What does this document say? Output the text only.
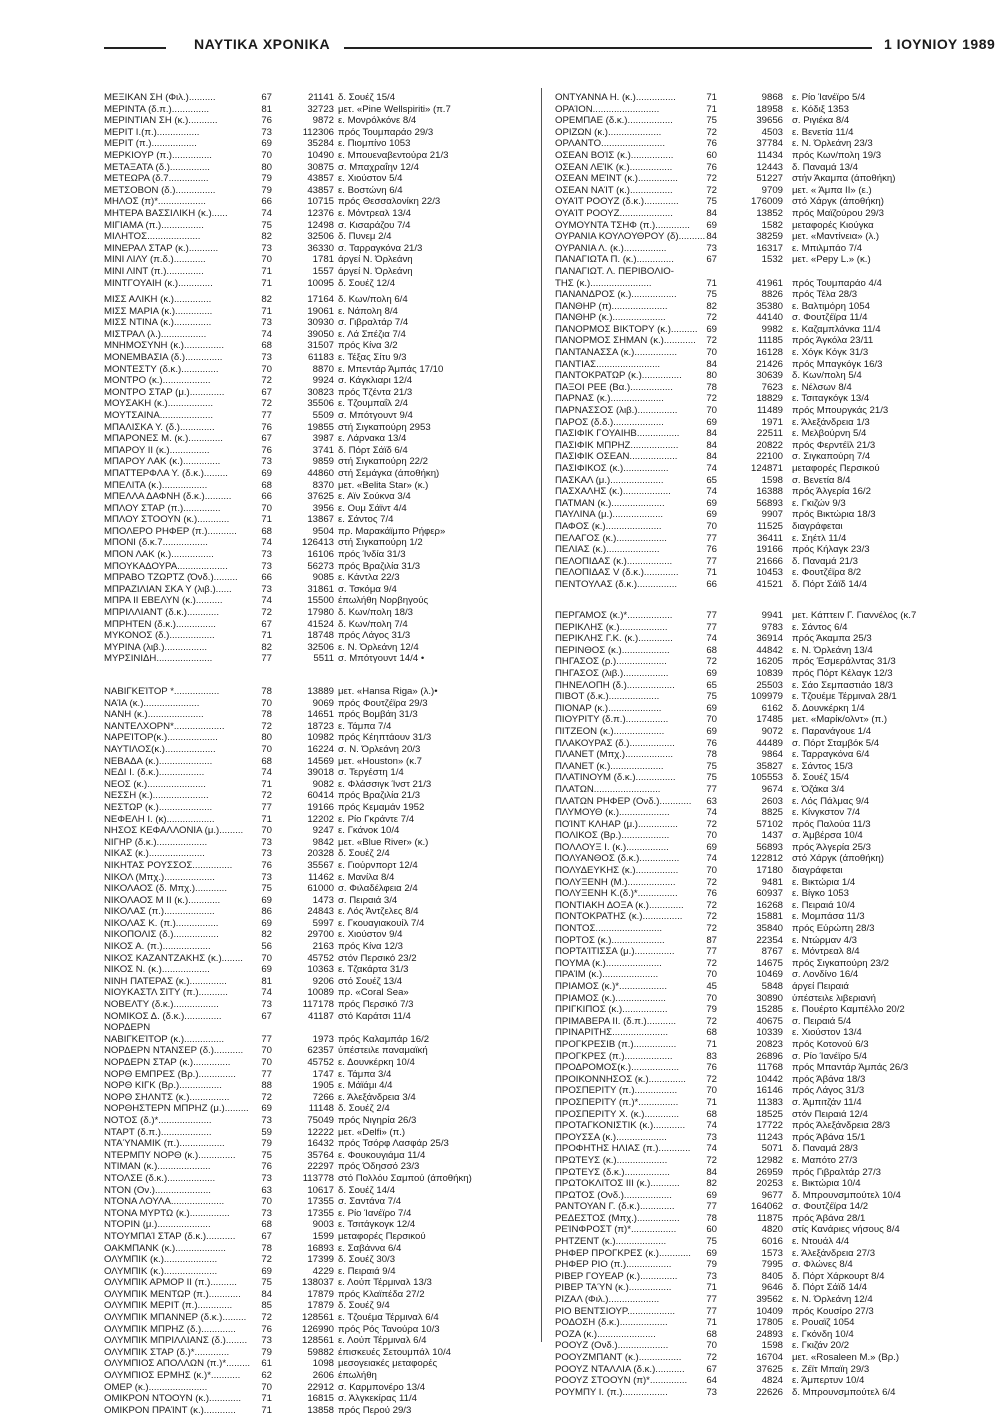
ΝΑΥΤΙΚΑ ΧΡΟΝΙΚΑ	1 ΙΟΥΝΙΟΥ 1989
ΜΕΞΙΚΑΝ ΣΗ (Φιλ.)..........	67	21141 δ. Σουέζ 15/4
ΜΕΡΙΝΤΑ (δ.π.)..............	81	32723 μετ. «Pine Wellspiriti» (π.7
ΜΕΡΙΝΤΙΑΝ ΣΗ (κ.)...........	76	9872 ε. Μονρόλκόνε 8/4
ΜΕΡΙΤ Ι.(π.)................	73	112306 πρός Τουμπαράο 29/3
ΜΕΡΙΤ (π.).................	69	35284 ε. Πιομπίνο 1053
ΜΕΡΚΙΟΥΡ (π.)...............	70	10490 ε. Μπουεναβεντούρα 21/3
ΜΕΤΑΞΑΤΑ (δ.)...............	80	30875 σ. Μπαχραΐην 12/4
ΜΕΤΕΩΡΑ (δ.7...............	79	43857 ε. Χιούστον 5/4
ΜΕΤΣΟΒΟΝ (δ.)...............	79	43857 ε. Βοστώνη 6/4
ΜΗΛΟΣ (π)*..................	66	10715 πρός Θεσσαλονίκη 22/3
ΜΗΤΕΡΑ ΒΑΣΣΙΛΙΚΗ (κ.)......	74	12376 ε. Μόντρεαλ 13/4
ΜΙΓΙΑΜΑ (π.)................	75	12498 σ. Κισαράζου 7/4
ΜΙΛΗΤΟΣ....................	82	32506 δ. Πυνεμ 2/4
ΜΙΝΕΡΑΛ ΣΤΑΡ (κ.)...........	73	36330 σ. Ταρραγκόνα 21/3
ΜΙΝΙ ΛΙΛΥ (π.δ.)............	70	1781 άργεί Ν. Όρλεάνη
ΜΙΝΙ ΛΙΝΤ (π.)..............	71	1557 άργεί Ν. Όρλεάνη
ΜΙΝΤΓΟΥΑΙΗ (κ.).............	71	10095 δ. Σουέζ 12/4
ΜΙΣΣ ΑΛΙΚΗ (κ.)..............	82	17164 δ. Κων/πολη 6/4
ΜΙΣΣ ΜΑΡΙΑ (κ.)..............	71	19061 ε. Νάπολη 8/4
ΜΙΣΣ ΝΤΙΝΑ (κ.)..............	73	30930 σ. Γιβραλτάρ 7/4
ΜΙΣΤΡΑΛ (λ.).................	74	39050 ε. Λά Σπέζια 7/4
ΜΝΗΜΟΣΥΝΗ (κ.)...............	68	31507 πρός Κίνα 3/2
ΜΟΝΕΜΒΑΣΙΑ (δ.)..............	73	61183 ε. Τέξας Σίτυ 9/3
ΜΟΝΤΕΣΤΥ (δ.κ.)..............	70	8870 ε. Μπεντάρ Άμπάς 17/10
ΜΟΝΤΡΟ (κ.)..................	72	9924 σ. Κάγκλιαρι 12/4
ΜΟΝΤΡΟ ΣΤΑΡ (μ.).............	67	30823 πρός Τζέντα 21/3
ΜΟΥΣΑΚΗ (κ.).................	72	35506 ε. Τζουμπαΐλ 2/4
ΜΟΥΤΣΑΙΝΑ....................	77	5509 σ. Μπότγουντ 9/4
ΜΠΑΛΙΣΚΑ Υ. (δ.).............	76	19855 στή Σιγκαπούρη 2953
ΜΠΑΡΟΝΕΣ Μ. (κ.).............	67	3987 ε. Λάρνακα 13/4
ΜΠΑΡΟΥ ΙΙ (κ.)...............	76	3741 δ. Πόρτ Σάϊδ 6/4
ΜΠΑΡΟΥ ΛΑΚ (κ.)..............	73	9859 στή Σιγκαπούρη 22/2
ΜΠΑΤΤΕΡΦΛΑ Υ. (δ.κ.).........	69	44860 στή Σεμάγκα (άποθήκη)
ΜΠΕΛΙΤΑ (κ.).................	68	8370 μετ. «Belita Star» (κ.)
ΜΠΕΛΛΑ ΔΑΦΝΗ (δ.κ.)..........	66	37625 ε. Αϊν Σούκνα 3/4
ΜΠΛΟΥ ΣΤΑΡ (π.)..............	70	3956 ε. Ουμ Σάϊντ 4/4
ΜΠΛΟΥ ΣΤΟΟΥΝ (κ.)............	71	13867 ε. Σάντος 7/4
ΜΠΟΛΕΡΟ ΡΗΦΕΡ (π.)...........	68	9504 πρ. Μαρακάϊμπο Ρήφερ»
ΜΠΟΝΙ (δ.κ.7.................	74	126413 στή Σιγκαπούρη 1/2
ΜΠΟΝ ΛΑΚ (κ.)................	73	16106 πρός Ίνδία 31/3
ΜΠΟΥΚΑΔΟΥΡΑ...................	73	56273 πρός Βραζιλία 31/3
ΜΠΡΑΒΟ ΤΖΩΡΤΖ (Όνδ.).........	66	9085 ε. Κάντλα 22/3
ΜΠΡΑΖΙΛΙΑΝ ΣΚΑ Υ (λιβ.)......	73	31861 σ. Τσκόμα 9/4
ΜΠΡΑ ΙΙ ΕΒΕΛΥΝ (κ.)..........	74	15500 έπωλήθη Νορβηγούς
ΜΠΡΙΛΛΙΑΝΤ (δ.κ.)............	72	17980 δ. Κων/πολη 18/3
ΜΠΡΗΤΕΝ (δ.κ.)...............	67	41524 δ. Κων/πολη 7/4
ΜΥΚΟΝΟΣ (δ.).................	71	18748 πρός Λάγος 31/3
ΜΥΡΙΝΑ (λιβ.)................	82	32506 ε. Ν. Όρλεάνη 12/4
ΜΥΡΣΙΝΙΔΗ.....................	77	5511 σ. Μπότγουντ 14/4 •
ΝΑΒΙΓΚΕΊΤΟΡ *.................	78	13889 μετ. «Hansa Riga» (λ.)•
ΝΑΊΑ (κ.).....................	70	9069 πρός Φουτζέϊρα 29/3
ΝΑΝΗ (κ.).....................	78	14651 πρός Βομβάη 31/3
ΝΑΝΤΕΛΧΟΡΝ*...................	72	18723 ε. Τάμπα 7/4
ΝΑΡΕΊΤΟΡ(κ.)...................	80	10982 πρός Κέηπτάουν 31/3
ΝΑΥΤΙΛΟΣ(κ.)...................	70	16224 σ. Ν. Όρλεάνη 20/3
ΝΕΒΑΔΑ (κ.)....................	68	14569 μετ. «Houston» (κ.7
ΝΕΔΙ Ι. (δ.κ.).................	74	39018 σ. Τεργέστη 1/4
ΝΕΟΣ (κ.)......................	71	9082 ε. Φλάσσιγκ Ίνστ 21/3
ΝΕΣΣΗ (κ.).....................	72	60414 πρός Βραζιλία 21/3
ΝΕΣΤΩΡ (κ.)....................	77	19166 πρός Κεμαμάν 1952
ΝΕΦΕΛΗ Ι. (κ)..................	71	12202 ε. Ρίο Γκράντε 7/4
ΝΗΣΟΣ ΚΕΦΑΛΛΟΝΙΑ (μ.).........	70	9247 ε. Γκάνοκ 10/4
ΝΙΓΗΡ (δ.κ.)...................	73	9842 μετ. «Blue River» (κ.)
ΝΙΚΑΣ (κ.).....................	73	20328 δ. Σουέζ 2/4
ΝΙΚΗΤΑΣ ΡΟΥΣΣΟΣ...............	76	35567 ε. Γιούρνπορτ 12/4
ΝΙΚΟΛ (Μπχ.)...................	73	11462 ε. Μανίλα 8/4
ΝΙΚΟΛΑΟΣ (δ. Μπχ.)............	75	61000 σ. Φιλαδέλφεια 2/4
ΝΙΚΟΛΑΟΣ Μ ΙΙ (κ.)............	69	1473 σ. Πειραιά 3/4
ΝΙΚΟΛΑΣ (π.)...................	86	24843 ε. Λός Άντζελες 8/4
ΝΙΚΟΛΑΣ Κ. (π.)................	69	5997 ε. Γκουαγιακουίλ 7/4
ΝΙΚΟΠΟΛΙΣ (δ.).................	82	29700 ε. Χιούστον 9/4
ΝΙΚΟΣ Α. (π.)..................	56	2163 πρός Κίνα 12/3
ΝΙΚΟΣ ΚΑΖΑΝΤΖΑΚΗΣ (κ.)........	70	45752 στόν Περσικό 23/2
ΝΙΚΟΣ Ν. (κ.)..................	69	10363 ε. Τζακάρτα 31/3
ΝΙΝΗ ΠΑΤΕΡΑΣ (κ.)..............	81	9206 στό Σουέζ 13/4
ΝΙΟΥΚΑΣΤΛ ΣΙΤΥ (π.)...........	74	10089 πρ. «Coral Sea»
ΝΟΒΕΛΤΥ (δ.κ.).................	73	117178 πρός Περσικό 7/3
ΝΟΜΙΚΟΣ Δ. (δ.κ.)..............	67	41187 στό Καράτσι 11/4
ΝΟΡΔΕΡΝ
ΝΑΒΙΓΚΕΊΤΟΡ (κ.)...............	77	1973 πρός Καλαμπάρ 16/2
ΝΟΡΔΕΡΝ ΝΤΑΝΣΕΡ (δ.)...........	70	62357 ύπέστειλε παναμαϊκή
ΝΟΡΔΕΡΝ ΣΤΑΡ (κ.)..............	70	45752 ε. Δουνκέρκη 10/4
ΝΟΡΘ ΕΜΠΡΕΣ (Βρ.)..............	77	1747 ε. Τάμπα 3/4
ΝΟΡΘ ΚΙΓΚ (Βρ.)................	88	1905 ε. Μάϊάμι 4/4
ΝΟΡΘ ΣΗΛΝΤΣ (κ.)...............	72	7266 ε. Άλεξάνδρεια 3/4
ΝΟΡΘΗΣΤΕΡΝ ΜΠΡΗΖ (μ.).........	69	11148 δ. Σουέζ 2/4
ΝΟΤΟΣ (δ.)*....................	73	75049 πρός Νιγηρία 26/3
ΝΤΑΡΤ (δ.π.)...................	59	12222 μετ. «Delfi» (π.)
ΝΤΑΎΝΑΜΙΚ (π.).................	79	16432 πρός Τσόρφ Λασφάρ 25/3
ΝΤΕΡΜΠΥ ΝΟΡΘ (κ.)..............	75	35764 ε. Φουκουγιάμα 11/4
ΝΤΙΜΑΝ (κ.)....................	76	22297 πρός Όδησσό 23/3
ΝΤΟΛΣΕ (δ.κ.)..................	73	113778 στό Πολλόυ Σαμπού (άποθήκη)
ΝΤΟΝ (Ον.).....................	63	10617 δ. Σουέζ 14/4
ΝΤΟΝΑ ΛΟΥΛΑ....................	70	17355 σ. Σαντάνα 7/4
ΝΤΟΝΑ ΜΥΡΤΩ (κ.)...............	73	17355 ε. Ρίο Ίανέϊρο 7/4
ΝΤΟΡΙΝ (μ.)....................	68	9003 ε. Τσιτάγκογκ 12/4
ΝΤΟΥΜΠΑΊ ΣΤΑΡ (δ.κ.)...........	67	1599 μεταφορές Περσικού
ΟΑΚΜΠΑΝΚ (κ.)...................	78	16893 ε. Σαβάννα 6/4
ΟΛΥΜΠΙΚ (κ.)....................	72	17399 δ. Σουέζ 30/3
ΟΛΥΜΠΙΚ (κ.)....................	69	4229 ε. Πειραιά 9/4
ΟΛΥΜΠΙΚ ΑΡΜΟΡ ΙΙ (π.)..........	75	138037 ε. Λούπ Τέρμιναλ 13/3
ΟΛΥΜΠΙΚ ΜΕΝΤΩΡ (π.)............	84	17879 πρός Κλαϊπέδα 27/2
ΟΛΥΜΠΙΚ ΜΕΡΙΤ (π.).............	85	17879 δ. Σουέζ 9/4
ΟΛΥΜΠΙΚ ΜΠΑΝΝΕΡ (δ.κ.).........	72	128561 ε. Τζουέμα Τέρμιναλ 6/4
ΟΛΥΜΠΙΚ ΜΠΡΗΖ (δ.).............	76	126990 πρός Ρός Τανούρα 10/3
ΟΛΥΜΠΙΚ ΜΠΡΙΛΛΙΑΝΣ (δ.)........	73	128561 ε. Λούπ Τέρμιναλ 6/4
ΟΛΥΜΠΙΚ ΣΤΑΡ (δ.)*.............	79	59882 έπισκευές Σετουμπάλ 10/4
ΟΛΥΜΠΙΟΣ ΑΠΟΛΛΩΝ (π.)*.........	61	1098 μεσογειακές μεταφορές
ΟΛΥΜΠΙΟΣ ΕΡΜΗΣ (κ.)*...........	62	2606 έπωλήθη
ΟΜΕΡ (κ.)......................	70	22912 σ. Καρμπονέρο 13/4
ΟΜΙΚΡΟΝ ΝΤΟΟΥΝ (κ.)............	71	16815 σ. Άλγκεκίρας 11/4
ΟΜΙΚΡΟΝ ΠΡΑΊΝΤ (κ.)............	71	13858 πρός Περού 29/3
ΟΝΤΥΑΝΝΑ Η. (κ.)...............	71	9868 ε. Ρίο Ίανέϊρο 5/4
ΟΡΑΊΟΝ.........................	71	18958 ε. Κόδιξ 1353
ΟΡΕΜΠΑΕ (δ.κ.).................	75	39656 σ. Ριγιέκα 8/4
ΟΡΙΖΩΝ (κ.)....................	72	4503 ε. Βενετία 11/4
ΟΡΛΑΝΤΟ........................	76	37784 ε. Ν. Όρλεάνη 23/3
ΟΣΕΑΝ ΒΟΊΣ (κ.)................	60	11434 πρός Κων/πολη 19/3
ΟΣΕΑΝ ΛΕΊΚ (κ.)................	76	12443 δ. Παναμά 13/4
ΟΣΕΑΝ ΜΕΊΝΤ (κ.)...............	72	51227 στήν Άκαμπα (άποθήκη)
ΟΣΕΑΝ ΝΑΊΤ (κ.)................	72	9709 μετ. « Άμπα ΙΙ» (ε.)
ΟΥΑΊΤ ΡΟΟΥΖ (δ.κ.).............	75	176009 στό Χάργκ (άποθήκη)
ΟΥΑΊΤ ΡΟΟΥΖ....................	84	13852 πρός Μαϊζούρου 29/3
ΟΥΜΟΥΝΤΑ ΤΣΗΦ (π.).............	69	1582 μεταφορές Κιούγκα
ΟΥΡΑΝΙΑ ΚΟΥΛΟΥΘΡΟΥ (δ).......... 84	38259 μετ. «Μαντίνεια» (λ.)
ΟΥΡΑΝΙΑ Λ. (κ.)................	73	16317 ε. Μπιλμπάο 7/4
ΠΑΝΑΓΙΩΤΑ Π. (κ.)..............	67	1532 μετ. «Pepy L.» (κ.)
ΠΑΝΑΓΙΩΤ. Λ. ΠΕΡΙΒΟΛΙΟ-
ΤΗΣ (κ.).......................	71	41961 πρός Τουμπαράο 4/4
ΠΑΝΑΝΔΡΟΣ (κ.).................	75	8826 πρός Τέλα 28/3
ΠΑΝΘΗΡ (π).....................	82	35380 ε. Βαλτιμόρη 1054
ΠΑΝΘΗΡ (κ.)....................	72	44140 σ. Φουτζέϊρα 11/4
ΠΑΝΟΡΜΟΣ ΒΙΚΤΟΡΥ (κ.).......... 69	9982 ε. Καζαμπλάνκα 11/4
ΠΑΝΟΡΜΟΣ ΣΗΜΑΝ (κ.)............	72	11185 πρός Άγκόλα 23/11
ΠΑΝΤΑΝΑΣΣΑ (κ.)................	70	16128 ε. Χόγκ Κόγκ 31/3
ΠΑΝΤΙΑΣ........................	84	21426 πρός Μπαγκόγκ 16/3
ΠΑΝΤΟΚΡΑΤΩΡ (κ.)...............	80	30639 δ. Κων/πολη 5/4
ΠΑΞΟΙ ΡΕΕ (Βα.)................	78	7623 ε. Νέλσων 8/4
ΠΑΡΝΑΣ (κ.)....................	72	18829 ε. Τσιταγκόγκ 13/4
ΠΑΡΝΑΣΣΟΣ (λιβ.)...............	70	11489 πρός Μπουργκάς 21/3
ΠΑΡΟΣ (δ.δ.)...................	69	1971 ε. Άλεξάνδρεια 1/3
ΠΑΣΙΦΙΚ ΓΟΥΑΙΗΒ................	84	22511 ε. Μελβούρνη 5/4
ΠΑΣΙΦΙΚ ΜΠΡΗΖ..................	84	20822 πρός Φερντέϊλ 21/3
ΠΑΣΙΦΙΚ ΟΣΕΑΝ..................	84	22100 σ. Σιγκαπούρη 7/4
ΠΑΣΙΦΙΚΟΣ (κ.).................	74	124871 μεταφορές Περσικού
ΠΑΣΚΑΛ (μ.)....................	65	1598 σ. Βενετία 8/4
ΠΑΣΧΑΛΗΣ (κ.)..................	74	16388 πρός Άλγερία 16/2
ΠΑΤΜΑΝ (κ.)....................	69	56893 ε. Γκιζών 9/3
ΠΑΥΛΙΝΑ (μ.)...................	69	9907 πρός Βικτώρια 18/3
ΠΑΦΟΣ (κ.).....................	70	11525 διαγράφεται
ΠΕΛΑΓΟΣ (κ.)...................	77	36411 ε. Σηέτλ 11/4
ΠΕΛΙΑΣ (κ.)....................	76	19166 πρός Κήλαγκ 23/3
ΠΕΛΟΠΙΔΑΣ (κ.).................	77	21666 δ. Παναμά 21/3
ΠΕΛΟΠΙΔΑΣ V (δ.κ.).............	71	10453 ε. Φουτζέϊρα 8/2
ΠΕΝΤΟΥΛΑΣ (δ.κ.)...............	66	41521 δ. Πόρτ Σάϊδ 14/4
ΠΕΡΓΑΜΟΣ (κ.)*.................	77	9941 μετ. Κάπτειν Γ. Γιαννέλος (κ.7
ΠΕΡΙΚΛΗΣ (κ.)..................	77	9783 ε. Σάντος 6/4
ΠΕΡΙΚΛΗΣ Γ.Κ. (κ.).............	74	36914 πρός Άκαμπα 25/3
ΠΕΡΙΝΘΟΣ (κ.)..................	68	44842 ε. Ν. Όρλεάνη 13/4
ΠΗΓΑΣΟΣ (ρ.)...................	72	16205 πρός Έσμεράλντας 31/3
ΠΗΓΑΣΟΣ (λιβ.).................	69	10839 πρός Πόρτ Κέλαγκ 12/3
ΠΗΝΕΛΟΠΗ (δ.)..................	65	25503 ε. Σάο Σεμπαστιάο 18/3
ΠΙΒΟΤ (δ.κ.)...................	75	109979 ε. Τζουέμε Τέρμιναλ 28/1
ΠΙΟΝΑΡ (κ.)....................	69	6162 δ. Δουνκέρκη 1/4
ΠΙΟΥΡΙΤΥ (δ.π.)................	70	17485 μετ. «Μαρίκ/ολντ» (π.)
ΠΙΤΖΕΟΝ (κ.)...................	69	9072 ε. Παρανάγουε 1/4
ΠΛΑΚΟΥΡΑΣ (δ.).................	76	44489 σ. Πόρτ Σταμβόκ 5/4
ΠΛΑΝΕΤ (Μπχ.)..................	78	9864 ε. Ταρραγκόνα 6/4
ΠΛΑΝΕΤ (κ.)....................	75	35827 ε. Σάντος 15/3
ΠΛΑΤΙΝΟΥΜ (δ.κ.)...............	75	105553 δ. Σουέζ 15/4
ΠΛΑΤΩΝ.........................	77	9674 ε. Όζάκα 3/4
ΠΛΑΤΩΝ ΡΗΦΕΡ (Ονδ.)............	63	2603 ε. Λός Πάλμας 9/4
ΠΛΥΜΟΥΘ (κ.)...................	74	8825 ε. Κίνγκστον 7/4
ΠΟΊΝΤ ΚΛΗΑΡ (μ.)...............	72	57102 πρός Παλούα 11/3
ΠΟΛΙΚΟΣ (Βρ.)..................	70	1437 σ. Άμβέρσα 10/4
ΠΟΛΛΟΥΞ Ι. (κ.)................	69	56893 πρός Άλγερία 25/3
ΠΟΛΥΑΝΘΟΣ (δ.κ.)...............	74	122812 στό Χάργκ (άποθήκη)
ΠΟΛΥΔΕΥΚΗΣ (κ.)................	70	17180 διαγράφεται
ΠΟΛΥΞΕΝΗ (Μ.)..................	72	9481 ε. Βικτώρια 1/4
ΠΟΛΥΞΕΝΗ Κ.(δ.)*...............	76	60937 ε. Βίγκο 1053
ΠΟΝΤΙΑΚΗ ΔΟΞΑ (κ.).............	72	16268 ε. Πειραιά 10/4
ΠΟΝΤΟΚΡΑΤΗΣ (κ.)...............	72	15881 ε. Μομπάσα 11/3
ΠΟΝΤΟΣ.........................	72	35840 πρός Εύρώπη 28/3
ΠΟΡΤΟΣ (κ.)....................	87	22354 ε. Ντώρμαν 4/3
ΠΟΡΤΑΊΤΙΣΣΑ (μ.)...............	77	8767 ε. Μόντρεαλ 8/4
ΠΟΥΜΑ (κ.).....................	72	14675 πρός Σιγκαπούρη 23/2
ΠΡΑΊΜ (κ.).....................	70	10469 σ. Λονδίνο 16/4
ΠΡΙΑΜΟΣ (κ.)*..................	45	5848 άργεί Πειραιά
ΠΡΙΑΜΟΣ (κ.)...................	70	30890 ύπέστειλε λιβεριανή
ΠΡΙΓΚΙΠΟΣ (κ.).................	79	15285 ε. Πουέρτο Καμπέλλο 20/2
ΠΡΙΜΑΒΕΡΑ ΙΙ. (δ.π.)...........	72	40675 σ. Πειραιά 5/4
ΠΡΙΝΑΡΙΤΗΣ.....................	68	10339 ε. Χιούστον 13/4
ΠΡΟΓΚΡΕΣΙΒ (π.)................	71	20823 πρός Κοτονού 6/3
ΠΡΟΓΚΡΕΣ (π.)..................	83	26896 σ. Ρίο Ίανέϊρο 5/4
ΠΡΟΔΡΟΜΟΣ(κ.)..................	76	11768 πρός Μπαντάρ Άμπάς 26/3
ΠΡΟΙΚΟΝΝΗΣΟΣ (κ.)..............	72	10442 πρός Άβάνα 18/3
ΠΡΟΣΠΕΡΙΤΥ (π.)................	70	16146 πρός Λάγος 31/3
ΠΡΟΣΠΕΡΙΤΥ (π.)*...............	71	11383 σ. Άμπιτζάν 11/4
ΠΡΟΣΠΕΡΙΤΥ Χ. (κ.).............	68	18525 στόν Πειραιά 12/4
ΠΡΟΤΑΓΚΟΝΙΣΤΙΚ (κ.)............	74	17722 πρός Άλεξάνδρεια 28/3
ΠΡΟΥΣΣΑ (κ.)...................	73	11243 πρός Άβάνα 15/1
ΠΡΟΦΗΤΗΣ ΗΛΙΑΣ (π.)............	74	5071 δ. Παναμά 28/3
ΠΡΩΤΕΥΣ (κ.)...................	72	12982 ε. Μαπότο 27/3
ΠΡΩΤΕΥΣ (δ.κ.).................	84	26959 πρός Γιβραλτάρ 27/3
ΠΡΩΤΟΚΛΙΤΟΣ ΙΙΙ (κ.)...........	82	20253 ε. Βικτώρια 10/4
ΠΡΩΤΟΣ (Ονδ.)..................	69	9677 δ. Μπρουνσμπούτελ 10/4
ΡΑΝΤΟΥΑΝ Γ. (δ.κ.).............	77	164062 σ. Φουτζέϊρα 14/2
ΡΕΔΕΣΤΟΣ (Μπχ.)................	78	11875 πρός Άβάνα 28/1
ΡΕΊΝΦΡΟΣΤ (π)*.................	60	4820 στίς Κανάριες νήσους 8/4
ΡΗΤΖΕΝΤ (κ.)...................	75	6016 ε. Ντουάλ 4/4
ΡΗΦΕΡ ΠΡΟΓΚΡΕΣ (κ.)............	69	1573 ε. Άλεξάνδρεια 27/3
ΡΗΦΕΡ ΡΙΟ (π.).................	79	7995 σ. Φλώνες 8/4
ΡΙΒΕΡ ΓΟΥΕΑΡ (κ.)..............	73	8405 δ. Πόρτ Χάρκουρτ 8/4
ΡΙΒΕΡ ΤΑΎΝ (κ.)................	71	9646 δ. Πόρτ Σάϊδ 14/4
ΡΙΖΑΛ (Φιλ.)...................	77	39562 ε. Ν. Όρλεάνη 12/4
ΡΙΟ ΒΕΝΤΣΙΟΥΡ..................	77	10409 πρός Κουσίρο 27/3
ΡΟΔΟΣΗ (δ.κ.)..................	71	17805 ε. Ρουαϊζ 1054
ΡΟΖΑ (κ.)......................	68	24893 ε. Γκόνδη 10/4
ΡΟΟΥΖ (Ονδ.)...................	70	1598 ε. Γκιζάν 20/2
ΡΟΟΥΖΜΠΑΝΤ (κ.)................	72	16704 μετ. «Rosaleen M.» (Βρ.)
ΡΟΟΥΖ ΝΤΑΛΛΙΑ (δ.κ.)...........	67	37625 ε. Ζέϊτ Μπαϊη 29/3
ΡΟΟΥΖ ΣΤΟΟΥΝ (π)*..............	64	4824 ε. Άμπερτυν 10/4
ΡΟΥΜΠΥ Ι. (π.).................	73	22626 δ. Μπρουνσμπούτελ 6/4
